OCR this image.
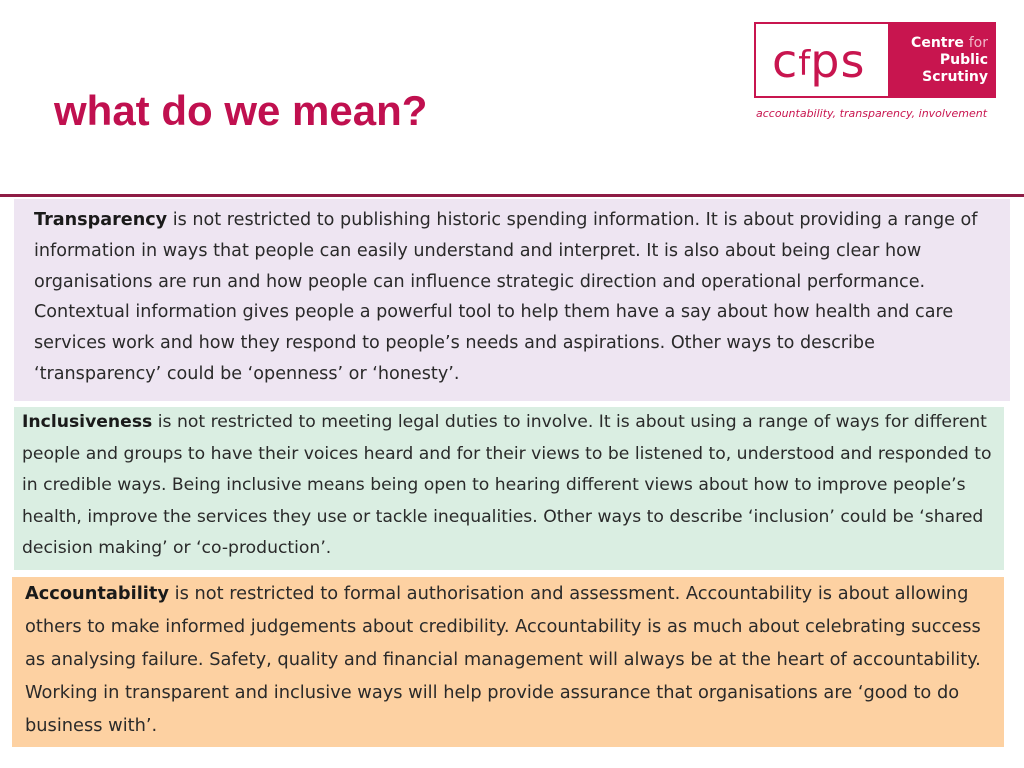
what do we mean?
cfps	Centre for
Public
Scrutiny
accountability, transparency, involvement
Transparency is not restricted to publishing historic spending information. It is about providing a range of information in ways that people can easily understand and interpret. It is also about being clear how organisations are run and how people can influence strategic direction and operational performance. Contextual information gives people a powerful tool to help them have a say about how health and care services work and how they respond to people’s needs and aspirations. Other ways to describe ‘transparency’ could be ‘openness’ or ‘honesty’.
Inclusiveness is not restricted to meeting legal duties to involve. It is about using a range of ways for different people and groups to have their voices heard and for their views to be listened to, understood and responded to in credible ways. Being inclusive means being open to hearing different views about how to improve people’s health, improve the services they use or tackle inequalities. Other ways to describe ‘inclusion’ could be ‘shared decision making’ or ‘co-production’.
Accountability is not restricted to formal authorisation and assessment. Accountability is about allowing others to make informed judgements about credibility. Accountability is as much about celebrating success as analysing failure. Safety, quality and financial management will always be at the heart of accountability. Working in transparent and inclusive ways will help provide assurance that organisations are ‘good to do business with’.
